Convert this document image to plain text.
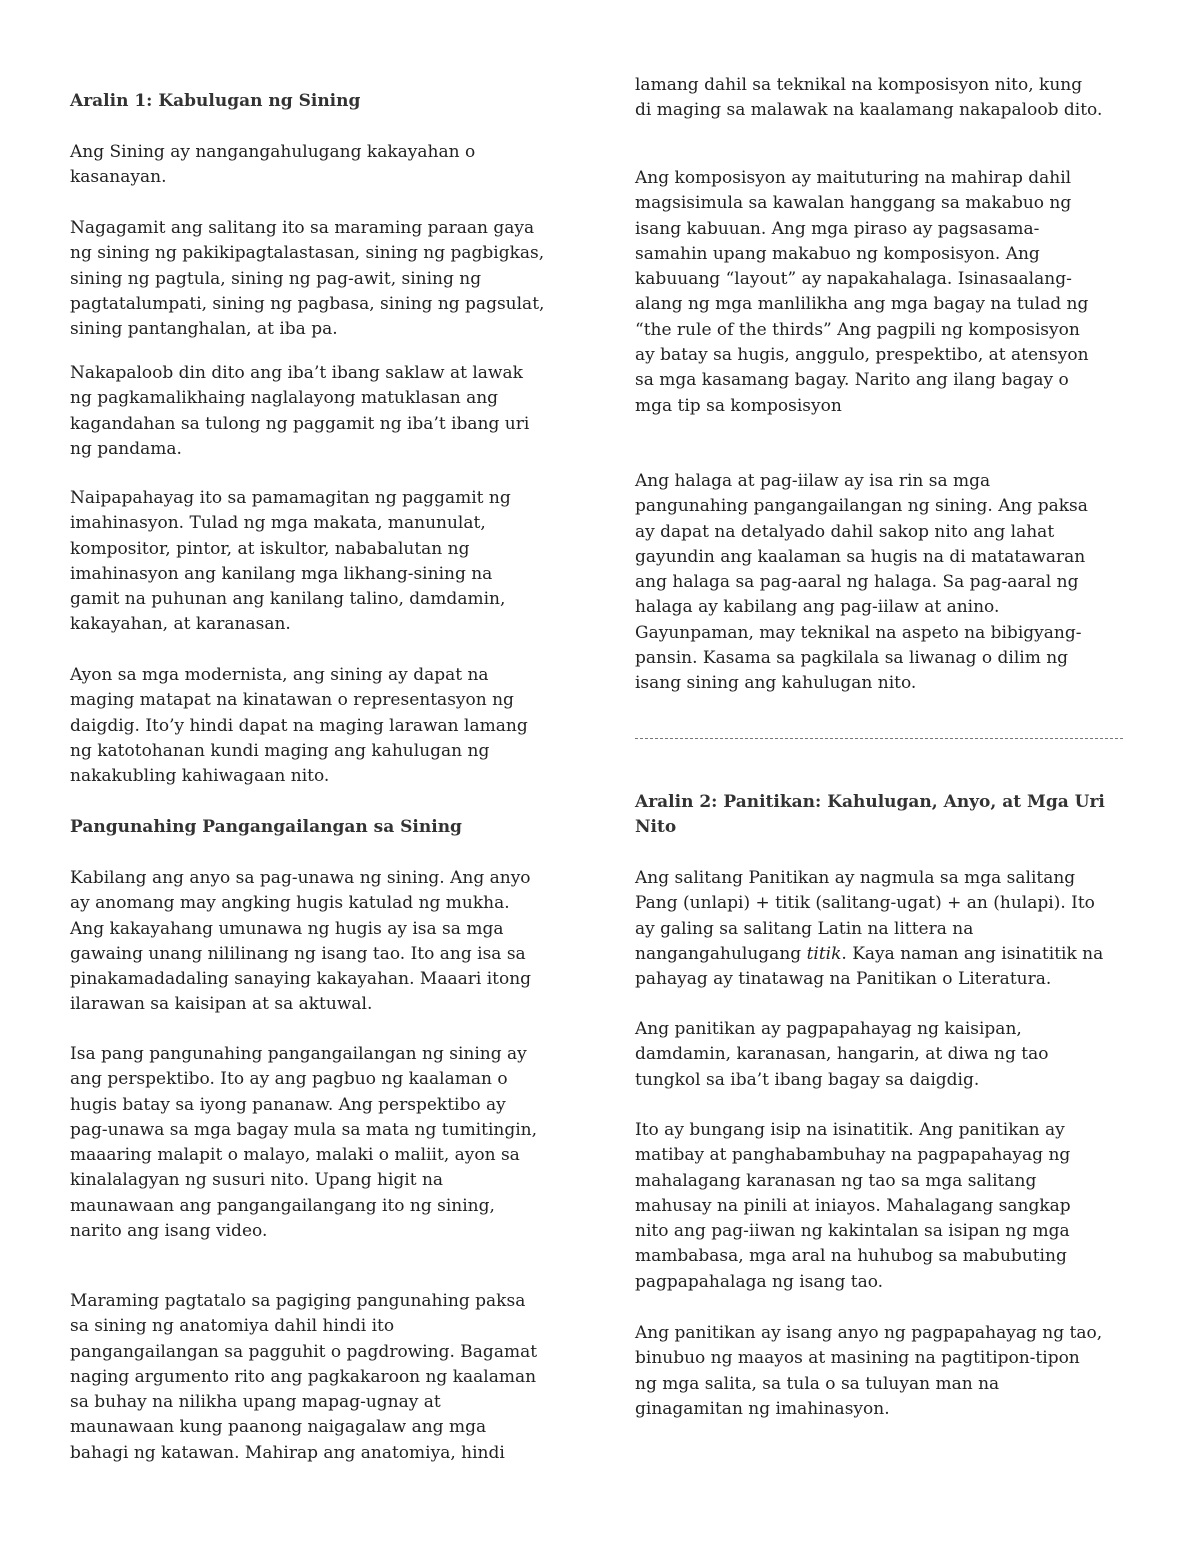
Aralin 1: Kabulugan ng Sining
Ang Sining ay nangangahulugang kakayahan o
kasanayan.
Nagagamit ang salitang ito sa maraming paraan gaya
ng sining ng pakikipagtalastasan, sining ng pagbigkas,
sining ng pagtula, sining ng pag-awit, sining ng
pagtatalumpati, sining ng pagbasa, sining ng pagsulat,
sining pantanghalan, at iba pa.
Nakapaloob din dito ang iba’t ibang saklaw at lawak
ng pagkamalikhaing naglalayong matuklasan ang
kagandahan sa tulong ng paggamit ng iba’t ibang uri
ng pandama.
Naipapahayag ito sa pamamagitan ng paggamit ng
imahinasyon. Tulad ng mga makata, manunulat,
kompositor, pintor, at iskultor, nababalutan ng
imahinasyon ang kanilang mga likhang-sining na
gamit na puhunan ang kanilang talino, damdamin,
kakayahan, at karanasan.
Ayon sa mga modernista, ang sining ay dapat na
maging matapat na kinatawan o representasyon ng
daigdig. Ito’y hindi dapat na maging larawan lamang
ng katotohanan kundi maging ang kahulugan ng
nakakubling kahiwagaan nito.
Pangunahing Pangangailangan sa Sining
Kabilang ang anyo sa pag-unawa ng sining. Ang anyo
ay anomang may angking hugis katulad ng mukha.
Ang kakayahang umunawa ng hugis ay isa sa mga
gawaing unang nililinang ng isang tao. Ito ang isa sa
pinakamadadaling sanaying kakayahan. Maaari itong
ilarawan sa kaisipan at sa aktuwal.
Isa pang pangunahing pangangailangan ng sining ay
ang perspektibo. Ito ay ang pagbuo ng kaalaman o
hugis batay sa iyong pananaw. Ang perspektibo ay
pag-unawa sa mga bagay mula sa mata ng tumitingin,
maaaring malapit o malayo, malaki o maliit, ayon sa
kinalalagyan ng susuri nito. Upang higit na
maunawaan ang pangangailangang ito ng sining,
narito ang isang video.
Maraming pagtatalo sa pagiging pangunahing paksa
sa sining ng anatomiya dahil hindi ito
pangangailangan sa pagguhit o pagdrowing. Bagamat
naging argumento rito ang pagkakaroon ng kaalaman
sa buhay na nilikha upang mapag-ugnay at
maunawaan kung paanong naigagalaw ang mga
bahagi ng katawan. Mahirap ang anatomiya, hindi
lamang dahil sa teknikal na komposisyon nito, kung
di maging sa malawak na kaalamang nakapaloob dito.
Ang komposisyon ay maituturing na mahirap dahil
magsisimula sa kawalan hanggang sa makabuo ng
isang kabuuan. Ang mga piraso ay pagsasama-
samahin upang makabuo ng komposisyon. Ang
kabuuang “layout” ay napakahalaga. Isinasaalang-
alang ng mga manlilikha ang mga bagay na tulad ng
“the rule of the thirds” Ang pagpili ng komposisyon
ay batay sa hugis, anggulo, prespektibo, at atensyon
sa mga kasamang bagay. Narito ang ilang bagay o
mga tip sa komposisyon
Ang halaga at pag-iilaw ay isa rin sa mga
pangunahing pangangailangan ng sining. Ang paksa
ay dapat na detalyado dahil sakop nito ang lahat
gayundin ang kaalaman sa hugis na di matatawaran
ang halaga sa pag-aaral ng halaga. Sa pag-aaral ng
halaga ay kabilang ang pag-iilaw at anino.
Gayunpaman, may teknikal na aspeto na bibigyang-
pansin. Kasama sa pagkilala sa liwanag o dilim ng
isang sining ang kahulugan nito.
Aralin 2: Panitikan: Kahulugan, Anyo, at Mga Uri
Nito
Ang salitang Panitikan ay nagmula sa mga salitang
Pang (unlapi) + titik (salitang-ugat) + an (hulapi). Ito
ay galing sa salitang Latin na littera na
nangangahulugang titik. Kaya naman ang isinatitik na
pahayag ay tinatawag na Panitikan o Literatura.
Ang panitikan ay pagpapahayag ng kaisipan,
damdamin, karanasan, hangarin, at diwa ng tao
tungkol sa iba’t ibang bagay sa daigdig.
Ito ay bungang isip na isinatitik. Ang panitikan ay
matibay at panghabambuhay na pagpapahayag ng
mahalagang karanasan ng tao sa mga salitang
mahusay na pinili at iniayos. Mahalagang sangkap
nito ang pag-iiwan ng kakintalan sa isipan ng mga
mambabasa, mga aral na huhubog sa mabubuting
pagpapahalaga ng isang tao.
Ang panitikan ay isang anyo ng pagpapahayag ng tao,
binubuo ng maayos at masining na pagtitipon-tipon
ng mga salita, sa tula o sa tuluyan man na
ginagamitan ng imahinasyon.
